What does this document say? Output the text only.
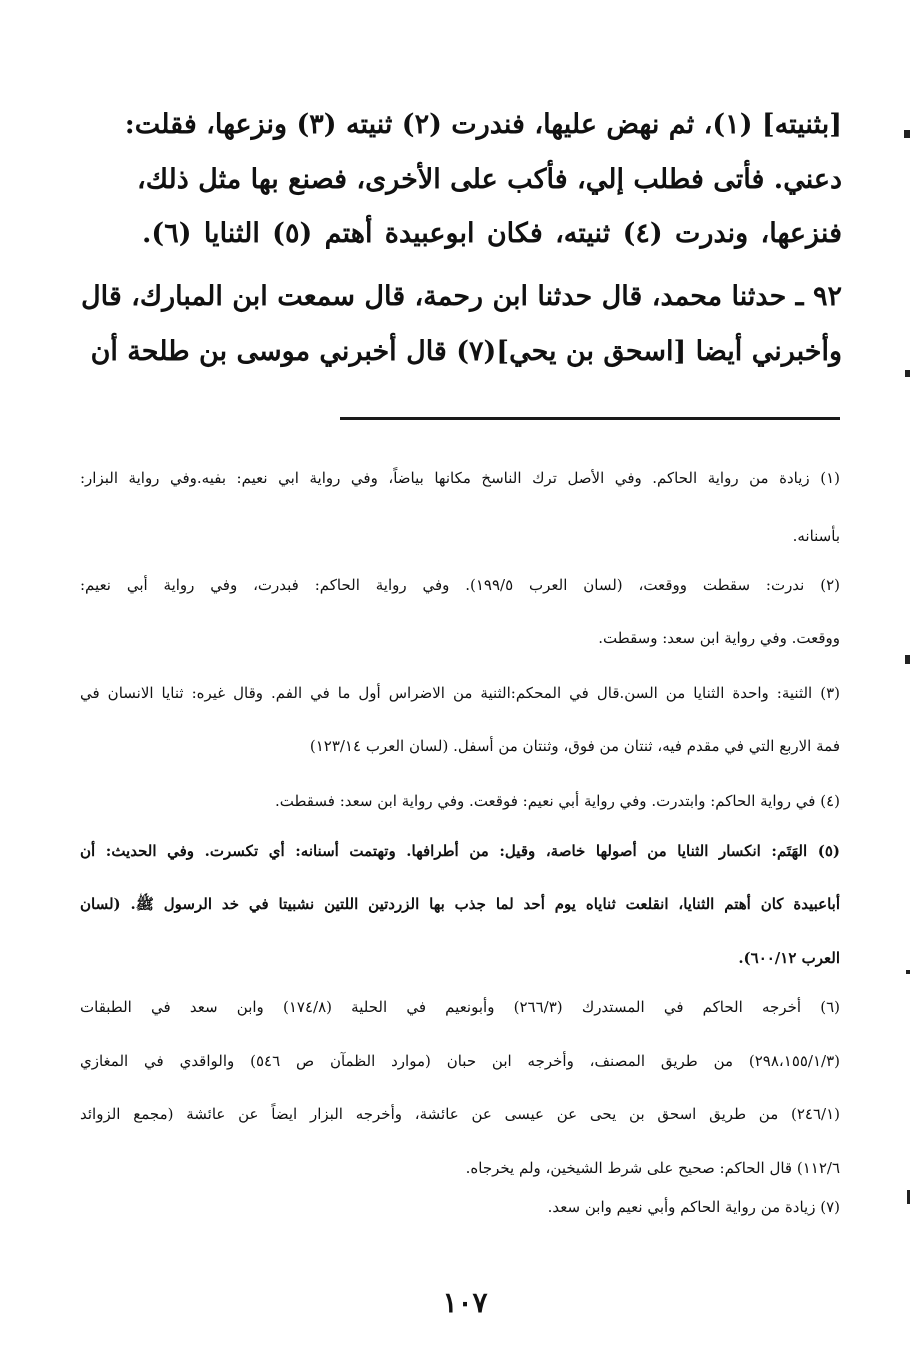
[بثنيته] (١)، ثم نهض عليها، فندرت (٢) ثنيته (٣) ونزعها، فقلت:
دعني. فأتى فطلب إلي، فأكب على الأخرى، فصنع بها مثل ذلك،
فنزعها، وندرت (٤) ثنيته، فكان ابوعبيدة أهتم (٥) الثنايا (٦).
٩٢ ـ حدثنا محمد، قال حدثنا ابن رحمة، قال سمعت ابن المبارك، قال
وأخبرني أيضا [اسحق بن يحي](٧) قال أخبرني موسى بن طلحة أن
(١) زيادة من رواية الحاكم. وفي الأصل ترك الناسخ مكانها بياضاً، وفي رواية ابي نعيم: بفيه.وفي رواية البزار:
بأسنانه.
(٢) ندرت: سقطت ووقعت، (لسان العرب ١٩٩/٥). وفي رواية الحاكم: فبدرت، وفي رواية أبي نعيم:
ووقعت. وفي رواية ابن سعد: وسقطت.
(٣) الثنية: واحدة الثنايا من السن.قال في المحكم:الثنية من الاضراس أول ما في الفم. وقال غيره: ثنايا الانسان في
فمة الاربع التي في مقدم فيه، ثنتان من فوق، وثنتان من أسفل. (لسان العرب ١٢٣/١٤)
(٤) في رواية الحاكم: وابتدرت. وفي رواية أبي نعيم: فوقعت. وفي رواية ابن سعد: فسقطت.
(٥) الهَتَم: انكسار الثنايا من أصولها خاصة، وقيل: من أطرافها. وتهتمت أسنانه: أي تكسرت. وفي الحديث: أن
أباعبيدة كان أهتم الثنايا، انقلعت ثناياه يوم أحد لما جذب بها الزردتين اللتين نشبيتا في خد الرسول ﷺ. (لسان
العرب ٦٠٠/١٢).
(٦) أخرجه الحاكم في المستدرك (٢٦٦/٣) وأبونعيم في الحلية (١٧٤/٨) وابن سعد في الطبقات
(٢٩٨،١٥٥/١/٣) من طريق المصنف، وأخرجه ابن حبان (موارد الظمآن ص ٥٤٦) والواقدي في المغازي
(٢٤٦/١) من طريق اسحق بن يحى عن عيسى عن عائشة، وأخرجه البزار ايضاً عن عائشة (مجمع الزوائد
١١٢/٦) قال الحاكم: صحيح على شرط الشيخين، ولم يخرجاه.
(٧) زيادة من رواية الحاكم وأبي نعيم وابن سعد.
١٠٧
